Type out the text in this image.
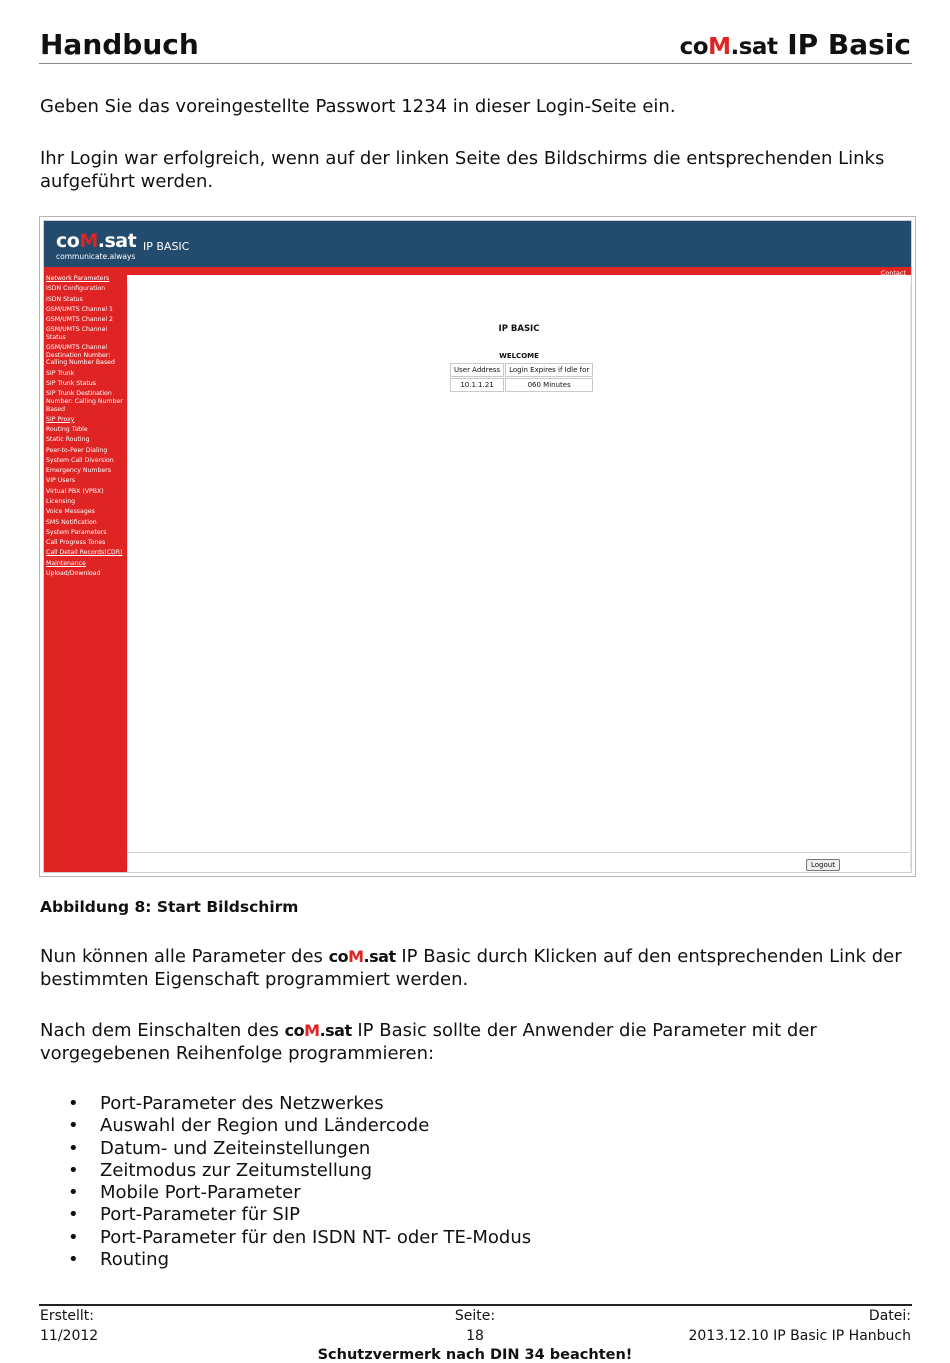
Handbuch	coM.sat IP Basic
Geben Sie das voreingestellte Passwort 1234 in dieser Login-Seite ein.
Ihr Login war erfolgreich, wenn auf der linken Seite des Bildschirms die entsprechenden Links aufgeführt werden.
coM.sat
communicate.always
IP BASIC
Contact
Network Parameters
ISDN Configuration
ISDN Status
GSM/UMTS Channel 1
GSM/UMTS Channel 2
GSM/UMTS Channel Status
GSM/UMTS Channel Destination Number: Calling Number Based
SIP Trunk
SIP Trunk Status
SIP Trunk Destination Number: Calling Number Based
SIP Proxy
Routing Table
Static Routing
Peer-to-Peer Dialing
System Call Diversion
Emergency Numbers
VIP Users
Virtual PBX (VPBX)
Licensing
Voice Messages
SMS Notification
System Parameters
Call Progress Tones
Call Detail Records(CDR)
Maintenance
Upload/Download
IP BASIC
WELCOME
User Address	Login Expires if Idle for
10.1.1.21	060 Minutes
Logout
Abbildung 8: Start Bildschirm
Nun können alle Parameter des coM.sat IP Basic durch Klicken auf den entsprechenden Link der bestimmten Eigenschaft programmiert werden.
Nach dem Einschalten des coM.sat IP Basic sollte der Anwender die Parameter mit der vorgegebenen Reihenfolge programmieren:
• Port-Parameter des Netzwerkes
• Auswahl der Region und Ländercode
• Datum- und Zeiteinstellungen
• Zeitmodus zur Zeitumstellung
• Mobile Port-Parameter
• Port-Parameter für SIP
• Port-Parameter für den ISDN NT- oder TE-Modus
• Routing
Erstellt:
11/2012
Seite:
18
Datei:
2013.12.10 IP Basic IP Hanbuch
Schutzvermerk nach DIN 34 beachten!
